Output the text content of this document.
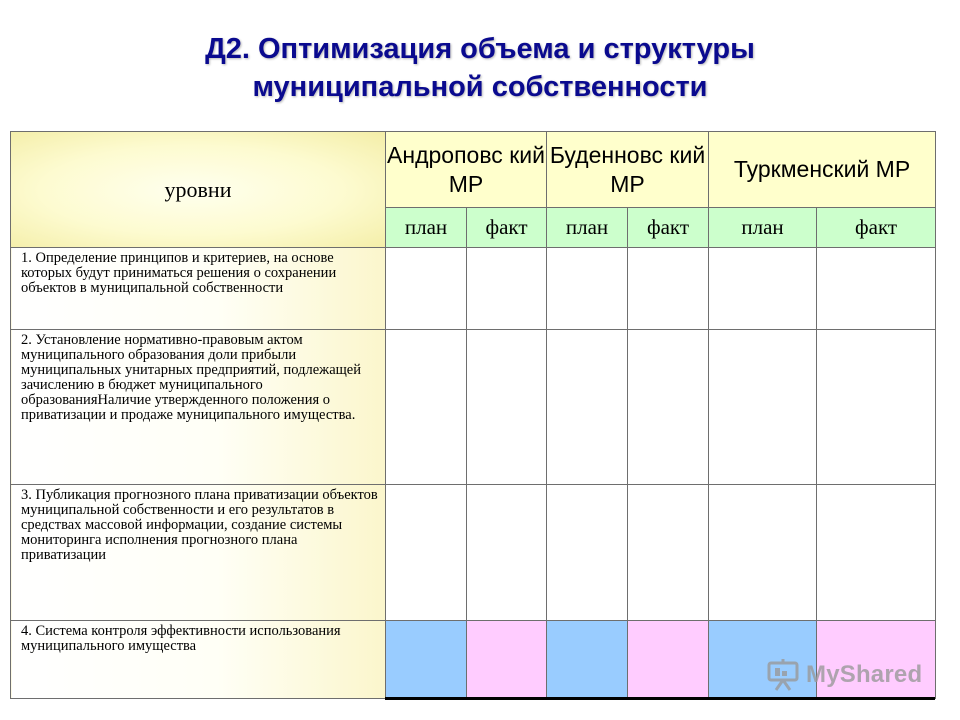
Д2. Оптимизация объема и структуры
муниципальной собственности
уровни	Андроповс кий МР		Буденновс кий МР		Туркменский МР	
	план	факт	план	факт	план	факт

1. Определение принципов и критериев, на основе которых будут приниматься решения о сохранении объектов в муниципальной собственности						

2. Установление нормативно-правовым актом муниципального образования доли прибыли муниципальных унитарных предприятий, подлежащей зачислению в бюджет муниципального образованияНаличие утвержденного положения о приватизации и продаже муниципального имущества.						

3. Публикация прогнозного плана приватизации объектов муниципальной собственности и его результатов в средствах массовой информации, создание системы мониторинга исполнения прогнозного плана приватизации						

4. Система контроля эффективности использования муниципального имущества						

MyShared
